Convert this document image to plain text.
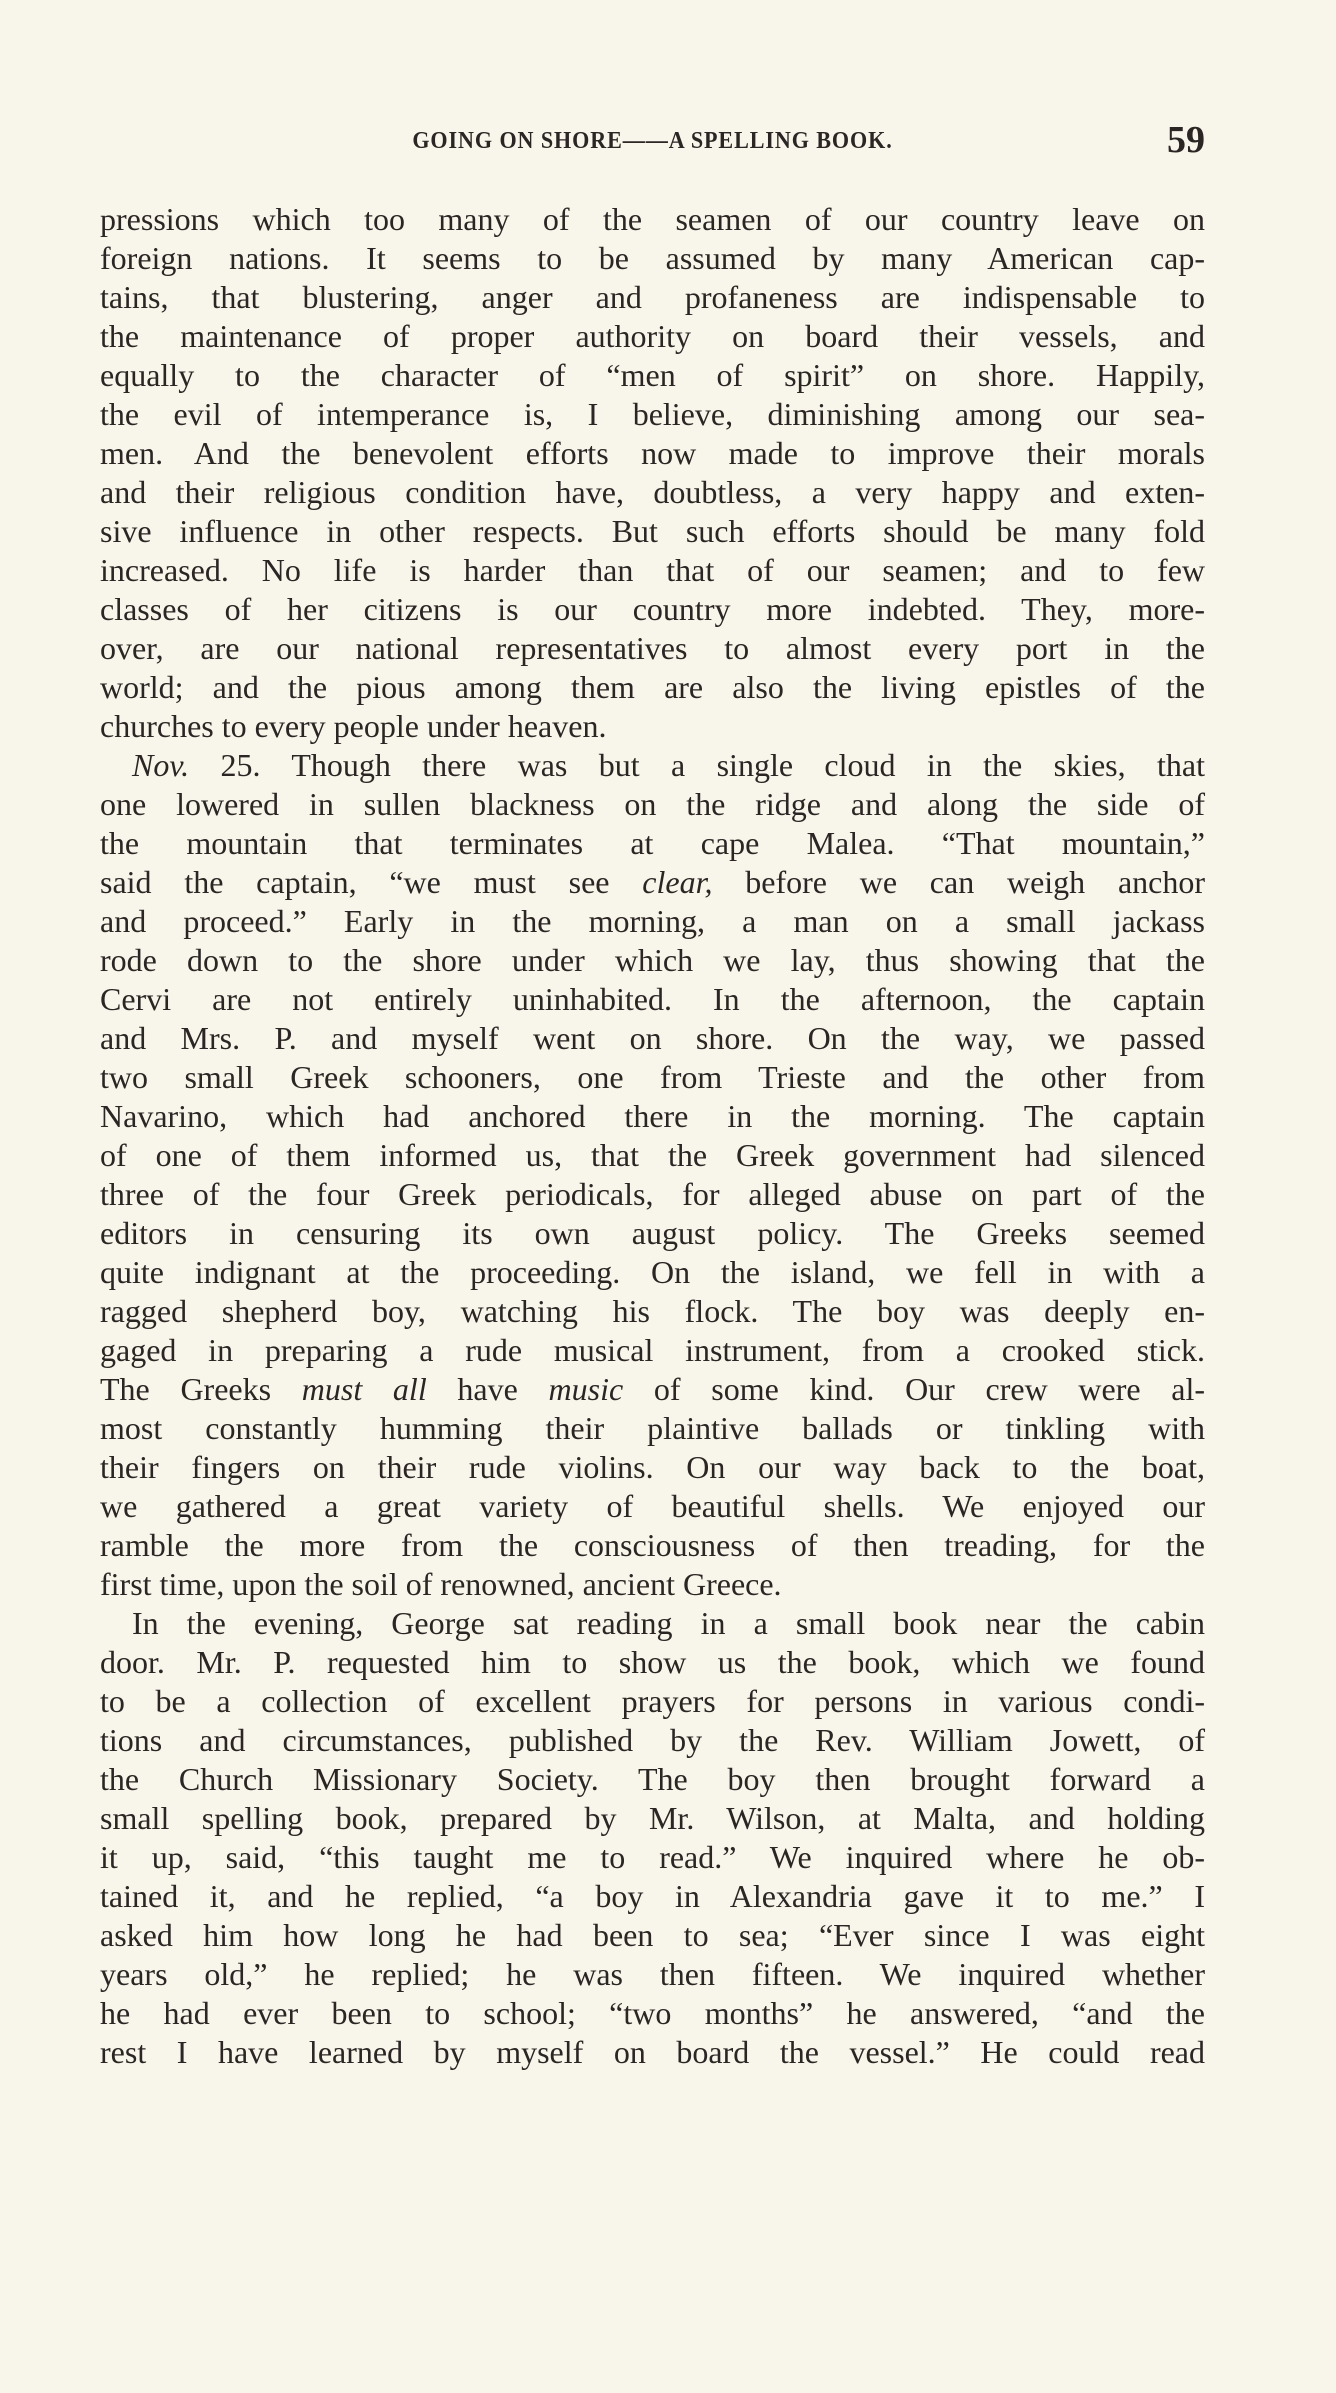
GOING ON SHORE——A SPELLING BOOK.	59
pressions which too many of the seamen of our country leave on
foreign nations. It seems to be assumed by many American cap-
tains, that blustering, anger and profaneness are indispensable to
the maintenance of proper authority on board their vessels, and
equally to the character of “men of spirit” on shore. Happily,
the evil of intemperance is, I believe, diminishing among our sea-
men. And the benevolent efforts now made to improve their morals
and their religious condition have, doubtless, a very happy and exten-
sive influence in other respects. But such efforts should be many fold
increased. No life is harder than that of our seamen; and to few
classes of her citizens is our country more indebted. They, more-
over, are our national representatives to almost every port in the
world; and the pious among them are also the living epistles of the
churches to every people under heaven.
Nov. 25. Though there was but a single cloud in the skies, that
one lowered in sullen blackness on the ridge and along the side of
the mountain that terminates at cape Malea. “That mountain,”
said the captain, “we must see clear, before we can weigh anchor
and proceed.” Early in the morning, a man on a small jackass
rode down to the shore under which we lay, thus showing that the
Cervi are not entirely uninhabited. In the afternoon, the captain
and Mrs. P. and myself went on shore. On the way, we passed
two small Greek schooners, one from Trieste and the other from
Navarino, which had anchored there in the morning. The captain
of one of them informed us, that the Greek government had silenced
three of the four Greek periodicals, for alleged abuse on part of the
editors in censuring its own august policy. The Greeks seemed
quite indignant at the proceeding. On the island, we fell in with a
ragged shepherd boy, watching his flock. The boy was deeply en-
gaged in preparing a rude musical instrument, from a crooked stick.
The Greeks must all have music of some kind. Our crew were al-
most constantly humming their plaintive ballads or tinkling with
their fingers on their rude violins. On our way back to the boat,
we gathered a great variety of beautiful shells. We enjoyed our
ramble the more from the consciousness of then treading, for the
first time, upon the soil of renowned, ancient Greece.
In the evening, George sat reading in a small book near the cabin
door. Mr. P. requested him to show us the book, which we found
to be a collection of excellent prayers for persons in various condi-
tions and circumstances, published by the Rev. William Jowett, of
the Church Missionary Society. The boy then brought forward a
small spelling book, prepared by Mr. Wilson, at Malta, and holding
it up, said, “this taught me to read.” We inquired where he ob-
tained it, and he replied, “a boy in Alexandria gave it to me.” I
asked him how long he had been to sea; “Ever since I was eight
years old,” he replied; he was then fifteen. We inquired whether
he had ever been to school; “two months” he answered, “and the
rest I have learned by myself on board the vessel.” He could read
